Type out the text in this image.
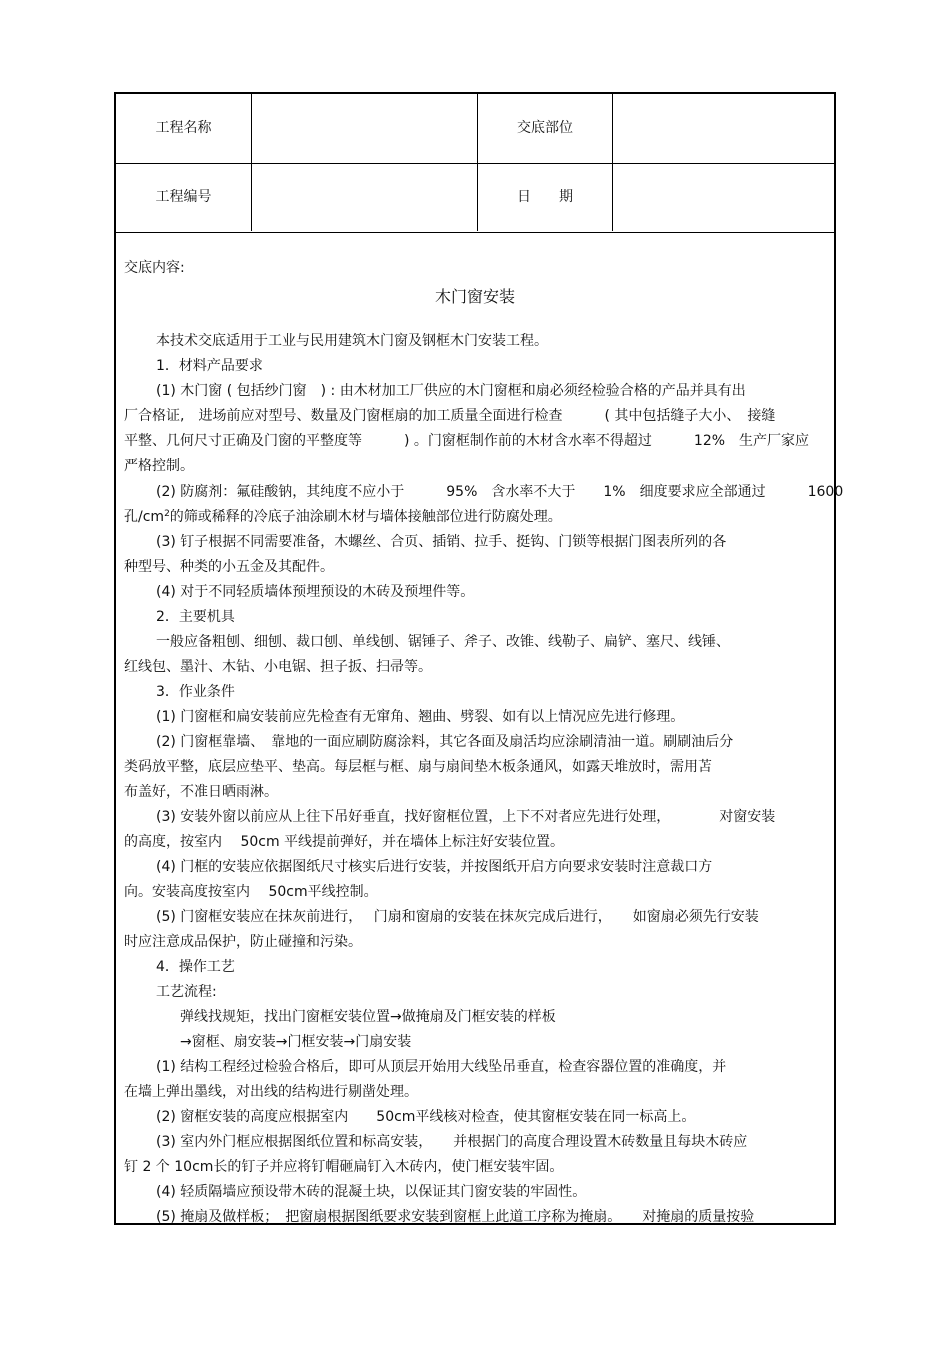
工程名称	交底部位
工程编号	日　　期
交底内容:
木门窗安装
本技术交底适用于工业与民用建筑木门窗及钢框木门安装工程。
1．材料产品要求
(1) 木门窗 ( 包括纱门窗　) : 由木材加工厂供应的木门窗框和扇必须经检验合格的产品并具有出
厂合格证,　进场前应对型号、数量及门窗框扇的加工质量全面进行检查　　　( 其中包括缝子大小、　接缝
平整、几何尺寸正确及门窗的平整度等　　　) 。门窗框制作前的木材含水率不得超过　　　12%　生产厂家应
严格控制。
(2) 防腐剂：氟硅酸钠，其纯度不应小于　　　95%　含水率不大于　　1%　细度要求应全部通过　　　1600
孔$/cm^2$的筛或稀释的冷底子油涂刷木材与墙体接触部位进行防腐处理。
(3) 钉子根据不同需要准备，木螺丝、合页、插销、拉手、挺钩、门锁等根据门图表所列的各
种型号、种类的小五金及其配件。
(4) 对于不同轻质墙体预埋预设的木砖及预埋件等。
2．主要机具
一般应备粗刨、细刨、裁口刨、单线刨、锯锤子、斧子、改锥、线勒子、扁铲、塞尺、线锤、
红线包、墨汁、木钻、小电锯、担子扳、扫帚等。
3．作业条件
(1) 门窗框和扁安装前应先检查有无窜角、翘曲、劈裂、如有以上情况应先进行修理。
(2) 门窗框靠墙、　靠地的一面应刷防腐涂料，其它各面及扇活均应涂刷清油一道。刷刷油后分
类码放平整，底层应垫平、垫高。每层框与框、扇与扇间垫木板条通风，如露天堆放时，需用苫
布盖好，不准日晒雨淋。
(3) 安装外窗以前应从上往下吊好垂直，找好窗框位置，上下不对者应先进行处理，　　　　对窗安装
的高度，按室内　 50cm 平线提前弹好，并在墙体上标注好安装位置。
(4) 门框的安装应依据图纸尺寸核实后进行安装，并按图纸开启方向要求安装时注意裁口方
向。安装高度按室内　 50cm平线控制。
(5) 门窗框安装应在抹灰前进行，　 门扇和窗扇的安装在抹灰完成后进行，　　如窗扇必须先行安装
时应注意成品保护，防止碰撞和污染。
4．操作工艺
工艺流程:
弹线找规矩，找出门窗框安装位置→做掩扇及门框安装的样板
→窗框、扇安装→门框安装→门扇安装
(1) 结构工程经过检验合格后，即可从顶层开始用大线坠吊垂直，检查容器位置的准确度，并
在墙上弹出墨线，对出线的结构进行剔凿处理。
(2) 窗框安装的高度应根据室内　　50cm平线核对检查，使其窗框安装在同一标高上。
(3) 室内外门框应根据图纸位置和标高安装，　　并根据门的高度合理设置木砖数量且每块木砖应
钉 2 个 10cm长的钉子并应将钉帽砸扁钉入木砖内，使门框安装牢固。
(4) 轻质隔墙应预设带木砖的混凝土块，以保证其门窗安装的牢固性。
(5) 掩扇及做样板；　把窗扇根据图纸要求安装到窗框上此道工序称为掩扇。　　对掩扇的质量按验
